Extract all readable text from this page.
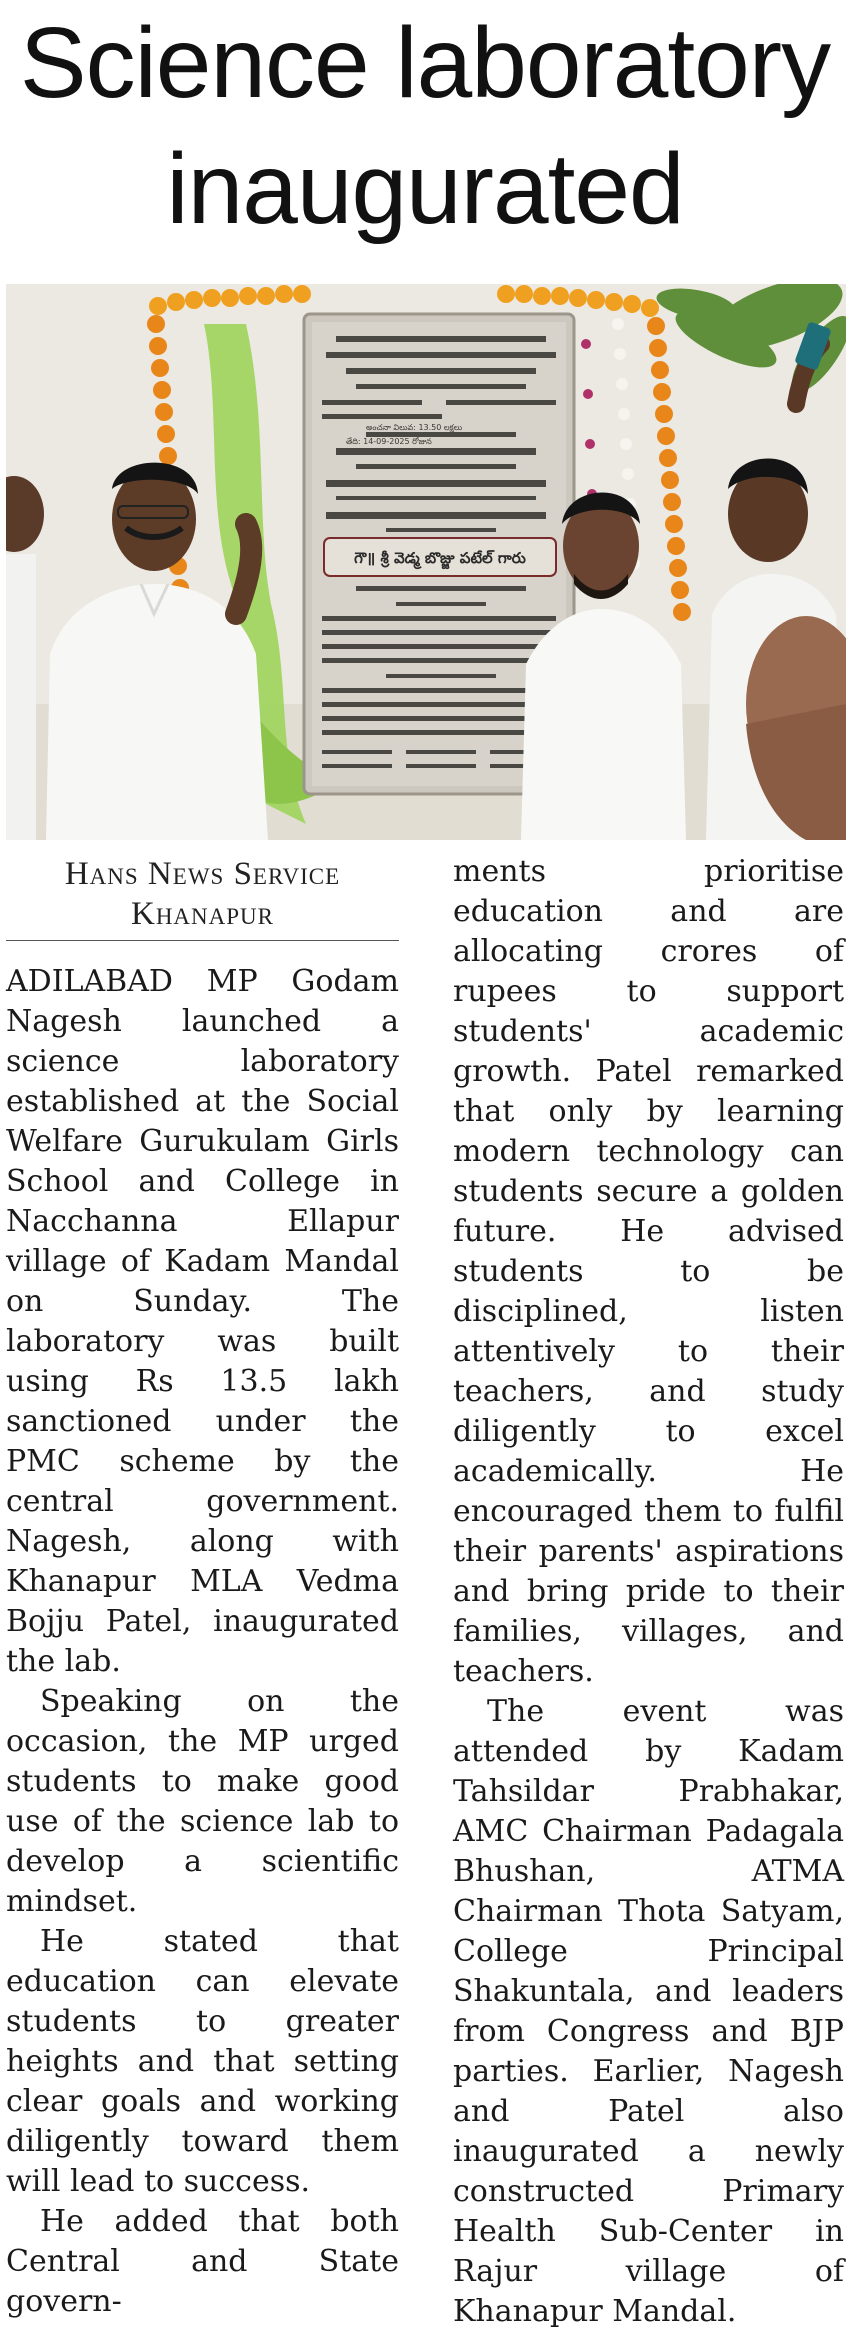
Science laboratory
inaugurated
గౌ॥ శ్రీ వెడ్మ బొజ్జు పటేల్ గారు
అంచనా విలువ: 13.50 లక్షలు
తేది: 14-09-2025 రోజున
Hans News Service
Khanapur

ADILABAD MP Godam Nagesh launched a science laboratory established at the Social Welfare Gurukulam Girls School and College in Nacchanna Ellapur village of Kadam Mandal on Sunday. The laboratory was built using Rs 13.5 lakh sanctioned under the PMC scheme by the central government. Nagesh, along with Khanapur MLA Vedma Bojju Patel, inaugurated the lab.

Speaking on the occasion, the MP urged students to make good use of the science lab to develop a scientific mindset.

He stated that education can elevate students to greater heights and that setting clear goals and working diligently toward them will lead to success.

He added that both Central and State govern-

ments prioritise education and are allocating crores of rupees to support students' academic growth. Patel remarked that only by learning modern technology can students secure a golden future. He advised students to be disciplined, listen attentively to their teachers, and study diligently to excel academically. He encouraged them to fulfil their parents' aspirations and bring pride to their families, villages, and teachers.

The event was attended by Kadam Tahsildar Prabhakar, AMC Chairman Padagala Bhushan, ATMA Chairman Thota Satyam, College Principal Shakuntala, and leaders from Congress and BJP parties. Earlier, Nagesh and Patel also inaugurated a newly constructed Primary Health Sub-Center in Rajur village of Khanapur Mandal.
